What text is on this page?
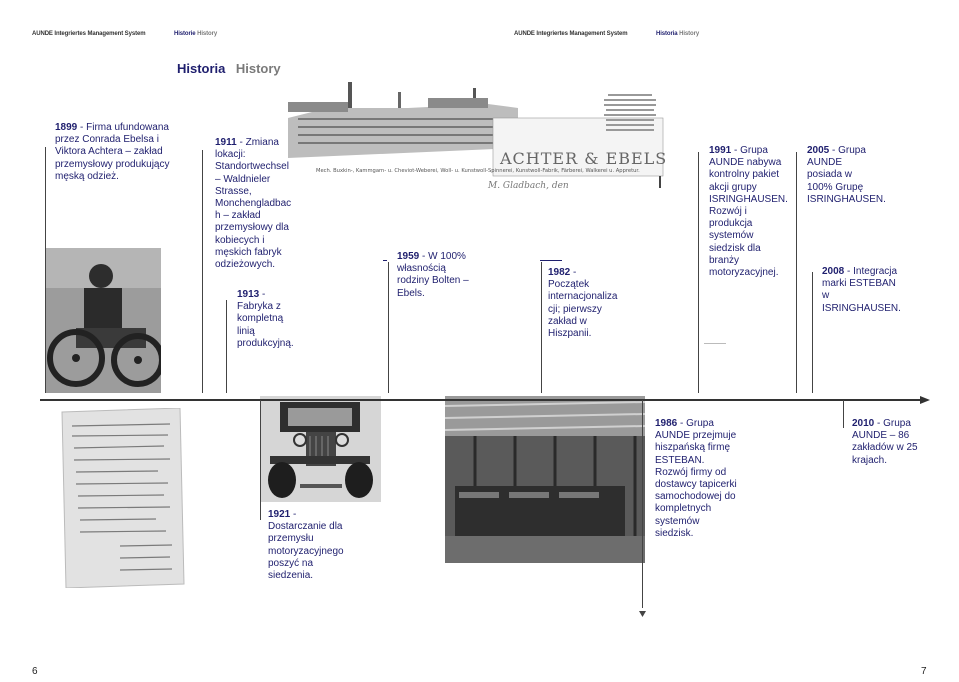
AUNDE Integriertes Management System	Historie History	AUNDE Integriertes Management System	Historia History
Historia History
ACHTER & EBELS
Mech. Buxkin-, Kammgarn- u. Cheviot-Weberei, Woll- u. Kunstwoll-Spinnerei, Kunstwoll-Fabrik, Färberei, Walkerei u. Appretur.
M. Gladbach, den
1899 - Firma ufundowana przez Conrada Ebelsa i Viktora Achtera – zakład przemysłowy produkujący męską odzież.
1911 - Zmiana lokacji: Standortwechsel – Waldnieler Strasse, Monchengladbac h – zakład przemysłowy dla kobiecych i męskich fabryk odzieżowych.
1913 - Fabryka z kompletną linią produkcyjną.
1959 - W 100% własnością rodziny Bolten – Ebels.
1982 - Początek internacjonaliza cji; pierwszy zakład w Hiszpanii.
1991 - Grupa AUNDE nabywa kontrolny pakiet akcji grupy ISRINGHAUSEN. Rozwój i produkcja systemów siedzisk dla branży motoryzacyjnej.
2005 - Grupa AUNDE posiada w 100% Grupę ISRINGHAUSEN.
2008 - Integracja marki ESTEBAN w ISRINGHAUSEN.
1921 - Dostarczanie dla przemysłu motoryzacyjnego poszyć na siedzenia.
1986 - Grupa AUNDE przejmuje hiszpańską firmę ESTEBAN. Rozwój firmy od dostawcy tapicerki samochodowej do kompletnych systemów siedzisk.
2010 - Grupa AUNDE – 86 zakładów w 25 krajach.
6	7
